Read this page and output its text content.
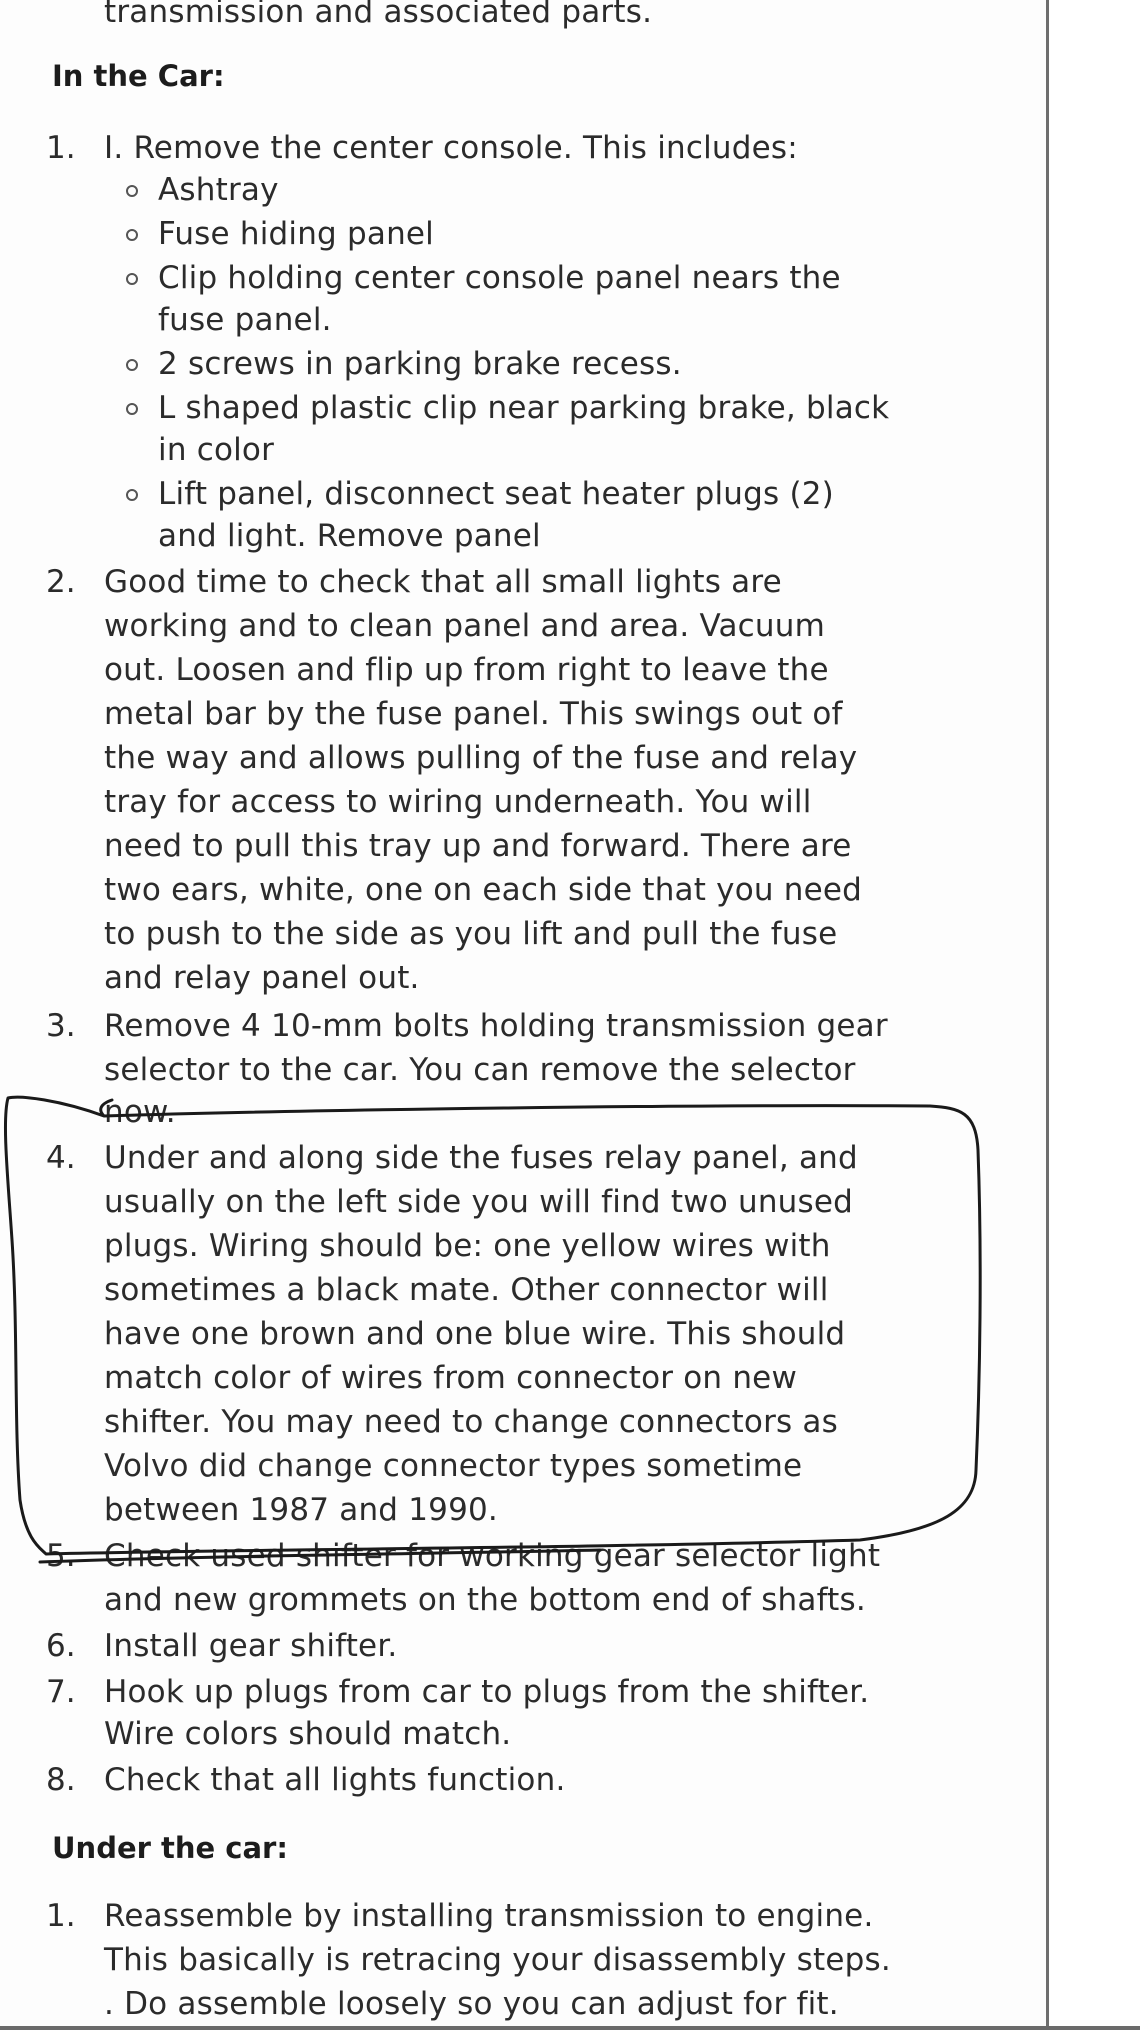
transmission and associated parts.
In the Car:
1. I. Remove the center console. This includes:
Ashtray
Fuse hiding panel
Clip holding center console panel nears the
fuse panel.
2 screws in parking brake recess.
L shaped plastic clip near parking brake, black
in color
Lift panel, disconnect seat heater plugs (2)
and light. Remove panel
2. Good time to check that all small lights are
working and to clean panel and area. Vacuum
out. Loosen and flip up from right to leave the
metal bar by the fuse panel. This swings out of
the way and allows pulling of the fuse and relay
tray for access to wiring underneath. You will
need to pull this tray up and forward. There are
two ears, white, one on each side that you need
to push to the side as you lift and pull the fuse
and relay panel out.
3. Remove 4 10-mm bolts holding transmission gear
selector to the car. You can remove the selector
now.
4. Under and along side the fuses relay panel, and
usually on the left side you will find two unused
plugs. Wiring should be: one yellow wires with
sometimes a black mate. Other connector will
have one brown and one blue wire. This should
match color of wires from connector on new
shifter. You may need to change connectors as
Volvo did change connector types sometime
between 1987 and 1990.
5. Check used shifter for working gear selector light
and new grommets on the bottom end of shafts.
6. Install gear shifter.
7. Hook up plugs from car to plugs from the shifter.
Wire colors should match.
8. Check that all lights function.
Under the car:
1. Reassemble by installing transmission to engine.
This basically is retracing your disassembly steps.
. Do assemble loosely so you can adjust for fit.
